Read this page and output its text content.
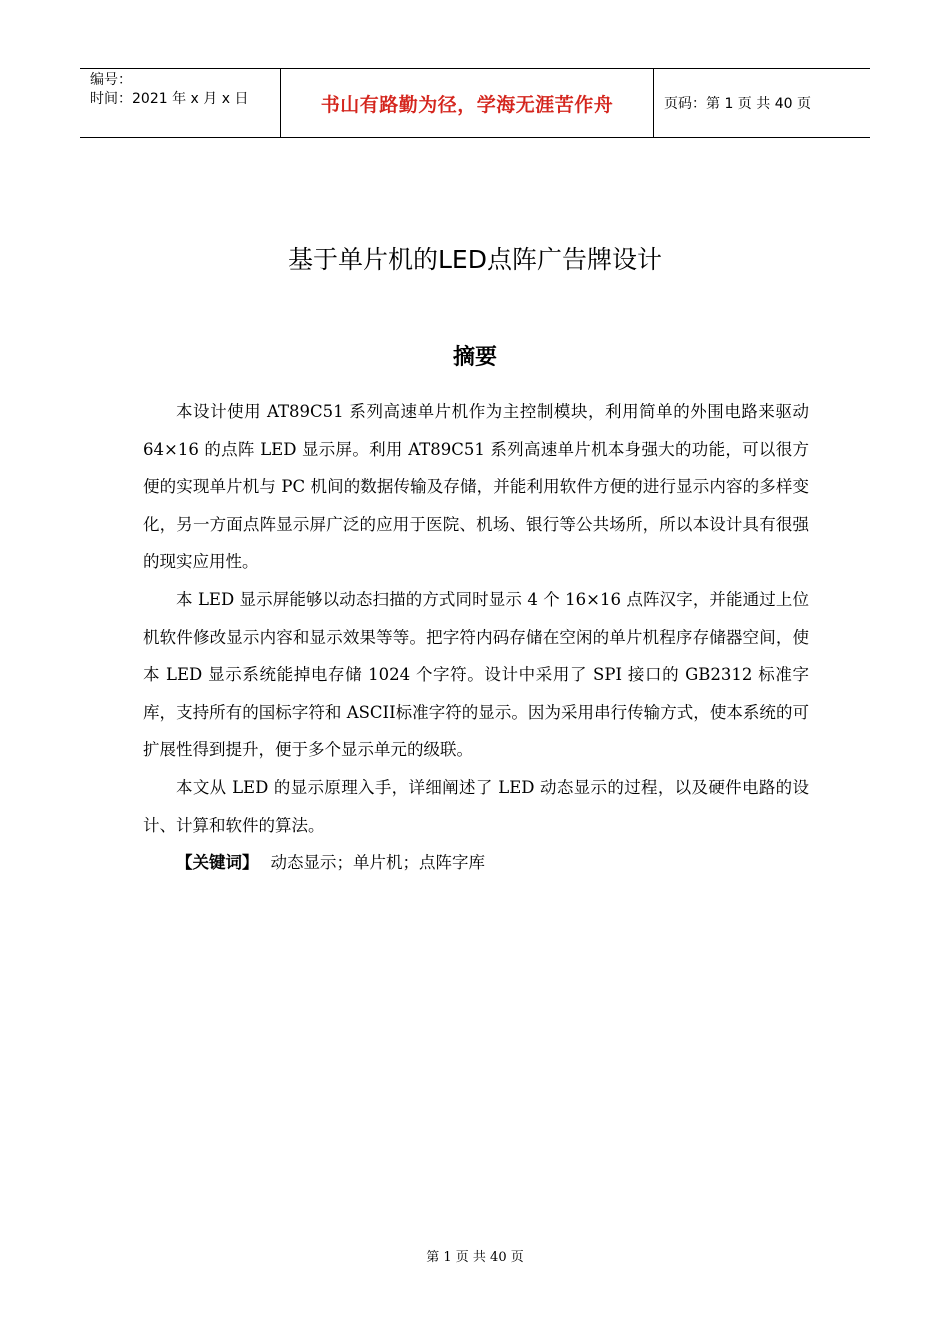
编号：
时间：2021 年 x 月 x 日	书山有路勤为径，学海无涯苦作舟	页码：第 1 页 共 40 页
基于单片机的LED点阵广告牌设计
摘要

本设计使用 AT89C51 系列高速单片机作为主控制模块，利用简单的外围电路来驱动 64×16 的点阵 LED 显示屏。利用 AT89C51 系列高速单片机本身强大的功能，可以很方便的实现单片机与 PC 机间的数据传输及存储，并能利用软件方便的进行显示内容的多样变化，另一方面点阵显示屏广泛的应用于医院、机场、银行等公共场所，所以本设计具有很强的现实应用性。

本 LED 显示屏能够以动态扫描的方式同时显示 4 个 16×16 点阵汉字，并能通过上位机软件修改显示内容和显示效果等等。把字符内码存储在空闲的单片机程序存储器空间，使本 LED 显示系统能掉电存储 1024 个字符。设计中采用了 SPI 接口的 GB2312 标准字库，支持所有的国标字符和 ASCII标准字符的显示。因为采用串行传输方式，使本系统的可扩展性得到提升，便于多个显示单元的级联。

本文从 LED 的显示原理入手，详细阐述了 LED 动态显示的过程，以及硬件电路的设计、计算和软件的算法。

【关键词】 动态显示；单片机；点阵字库

第 1 页 共 40 页
